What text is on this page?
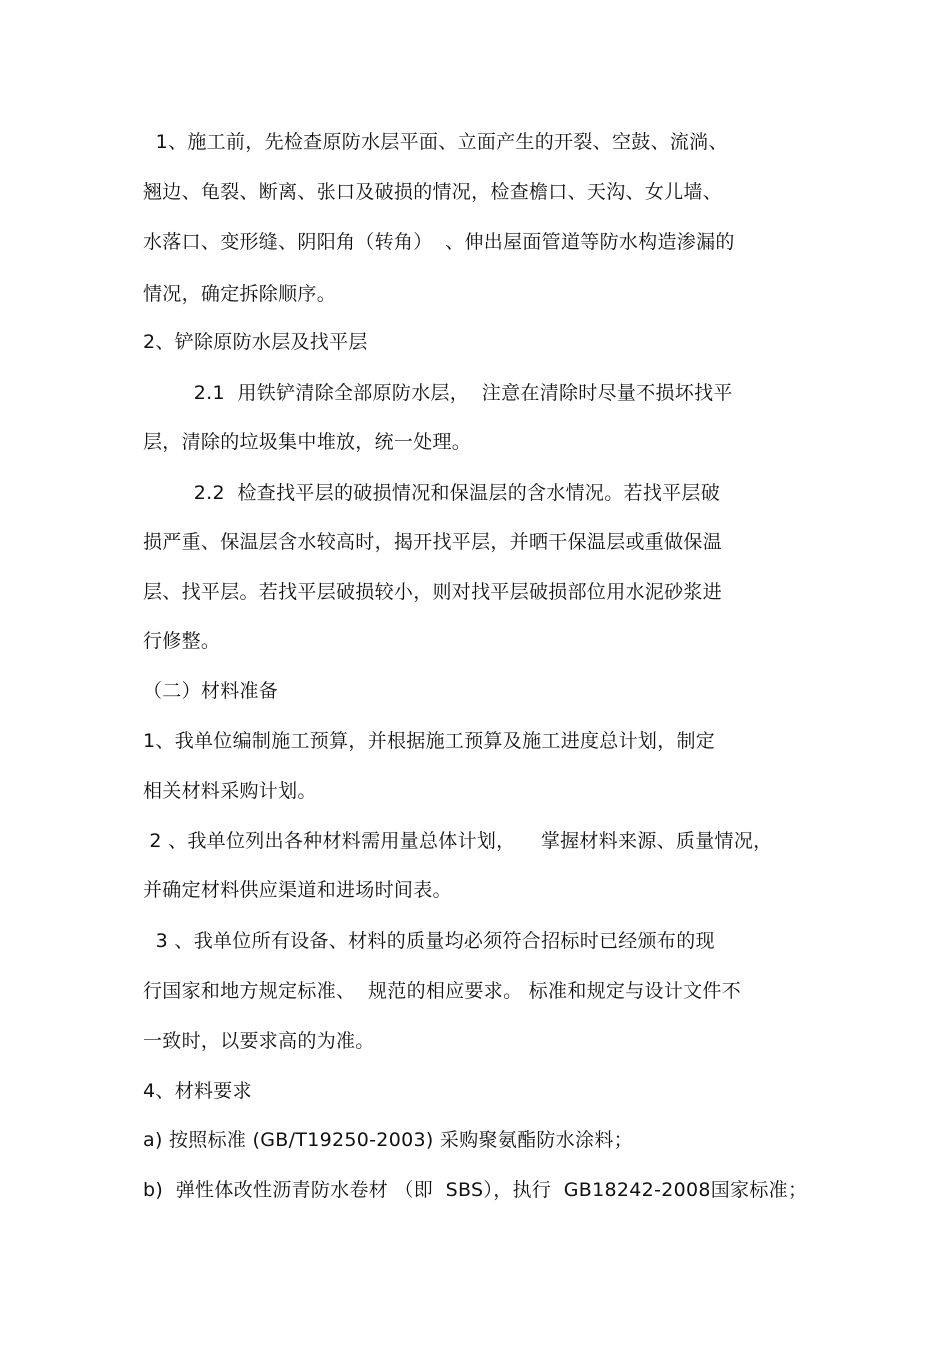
1、施工前，先检查原防水层平面、立面产生的开裂、空鼓、流淌、
翘边、龟裂、断离、张口及破损的情况，检查檐口、天沟、女儿墙、
水落口、变形缝、阴阳角（转角）  、伸出屋面管道等防水构造渗漏的
情况，确定拆除顺序。
2、铲除原防水层及找平层
2.1  用铁铲清除全部原防水层，  注意在清除时尽量不损坏找平
层，清除的垃圾集中堆放，统一处理。
2.2  检查找平层的破损情况和保温层的含水情况。若找平层破
损严重、保温层含水较高时，揭开找平层，并晒干保温层或重做保温
层、找平层。若找平层破损较小，则对找平层破损部位用水泥砂浆进
行修整。
（二）材料准备
1、我单位编制施工预算，并根据施工预算及施工进度总计划，制定
相关材料采购计划。
2 、我单位列出各种材料需用量总体计划，    掌握材料来源、质量情况，
并确定材料供应渠道和进场时间表。
3 、我单位所有设备、材料的质量均必须符合招标时已经颁布的现
行国家和地方规定标准、  规范的相应要求。 标准和规定与设计文件不
一致时，以要求高的为准。
4、材料要求
a) 按照标准 (GB/T19250-2003) 采购聚氨酯防水涂料；
b)  弹性体改性沥青防水卷材 （即  SBS），执行  GB18242-2008国家标准；
